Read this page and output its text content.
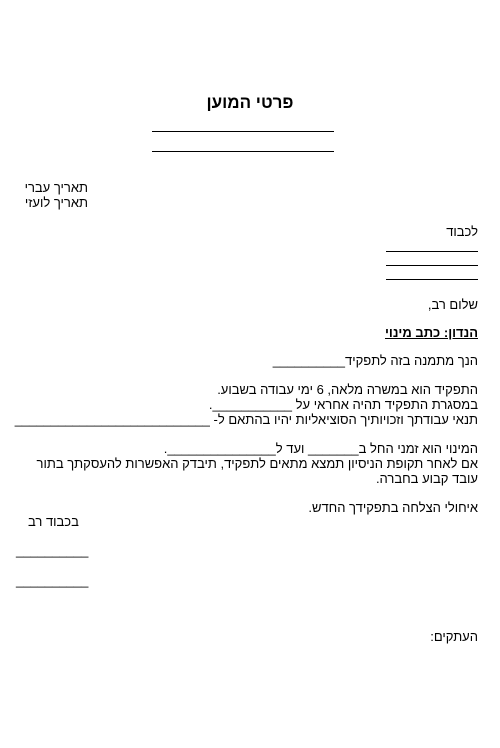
פרטי המוען
תאריך עברי
תאריך לועזי
לכבוד
שלום רב,
הנדון: כתב מינוי
הנך מתמנה בזה לתפקיד__________
התפקיד הוא במשרה מלאה, 6 ימי עבודה בשבוע.
במסגרת התפקיד תהיה אחראי על ___________.
תנאי עבודתך וזכויותיך הסוציאליות יהיו בהתאם ל- ___________________________
המינוי הוא זמני החל ב_______ ועד ל_______________.
אם לאחר תקופת הניסיון תמצא מתאים לתפקיד, תיבדק האפשרות להעסקתך בתור
עובד קבוע בחברה.
איחולי הצלחה בתפקידך החדש.
בכבוד רב
__________
__________
העתקים:
